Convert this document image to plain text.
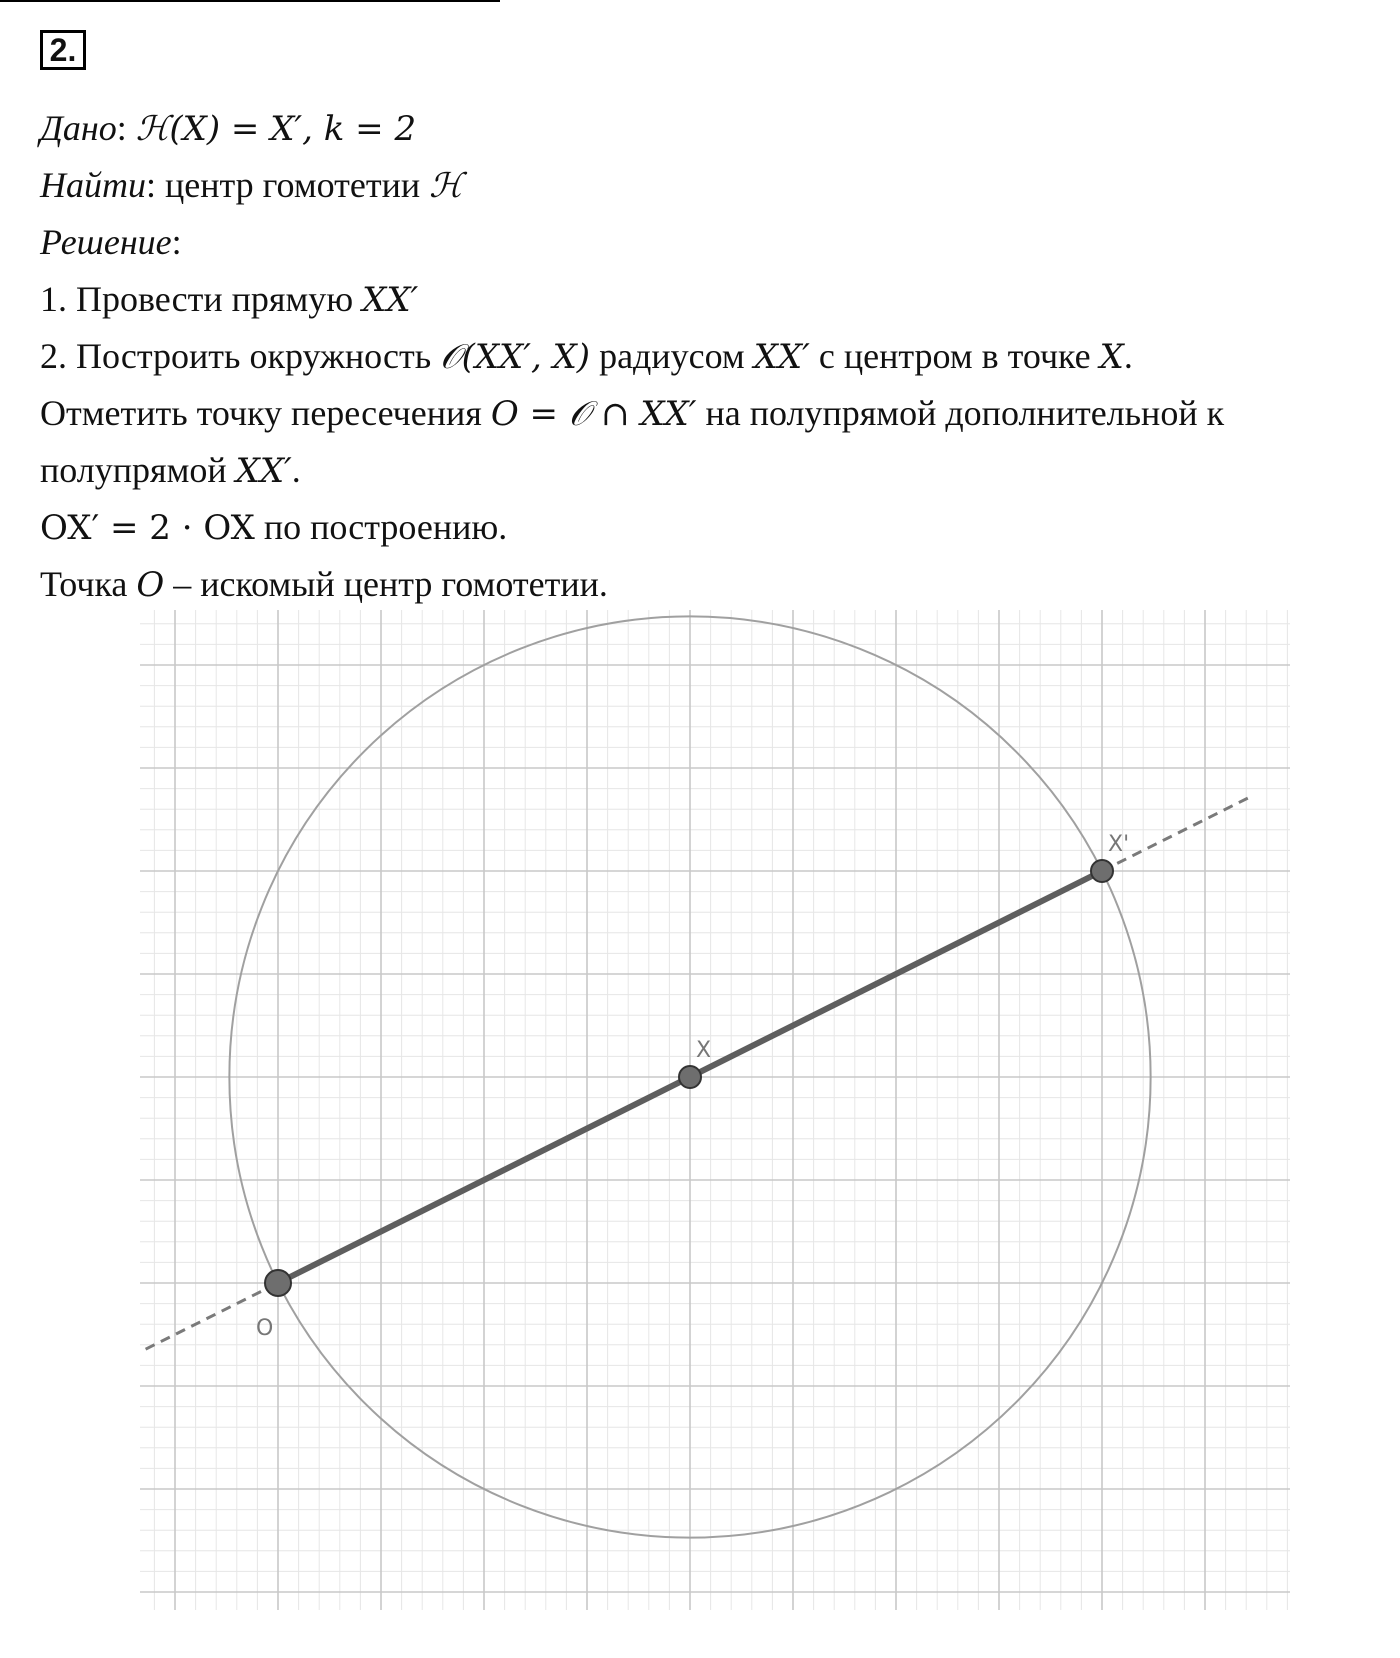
2.
Дано: ℋ(X) = X′, k = 2
Найти: центр гомотетии ℋ
Решение:
1. Провести прямую XX′
2. Построить окружность 𝒪(XX′, X) радиусом XX′ с центром в точке X.
Отметить точку пересечения O = 𝒪 ∩ XX′ на полупрямой дополнительной к
полупрямой XX′.
OX′ = 2 · OX по построению.
Точка O – искомый центр гомотетии.
O
X
X'
